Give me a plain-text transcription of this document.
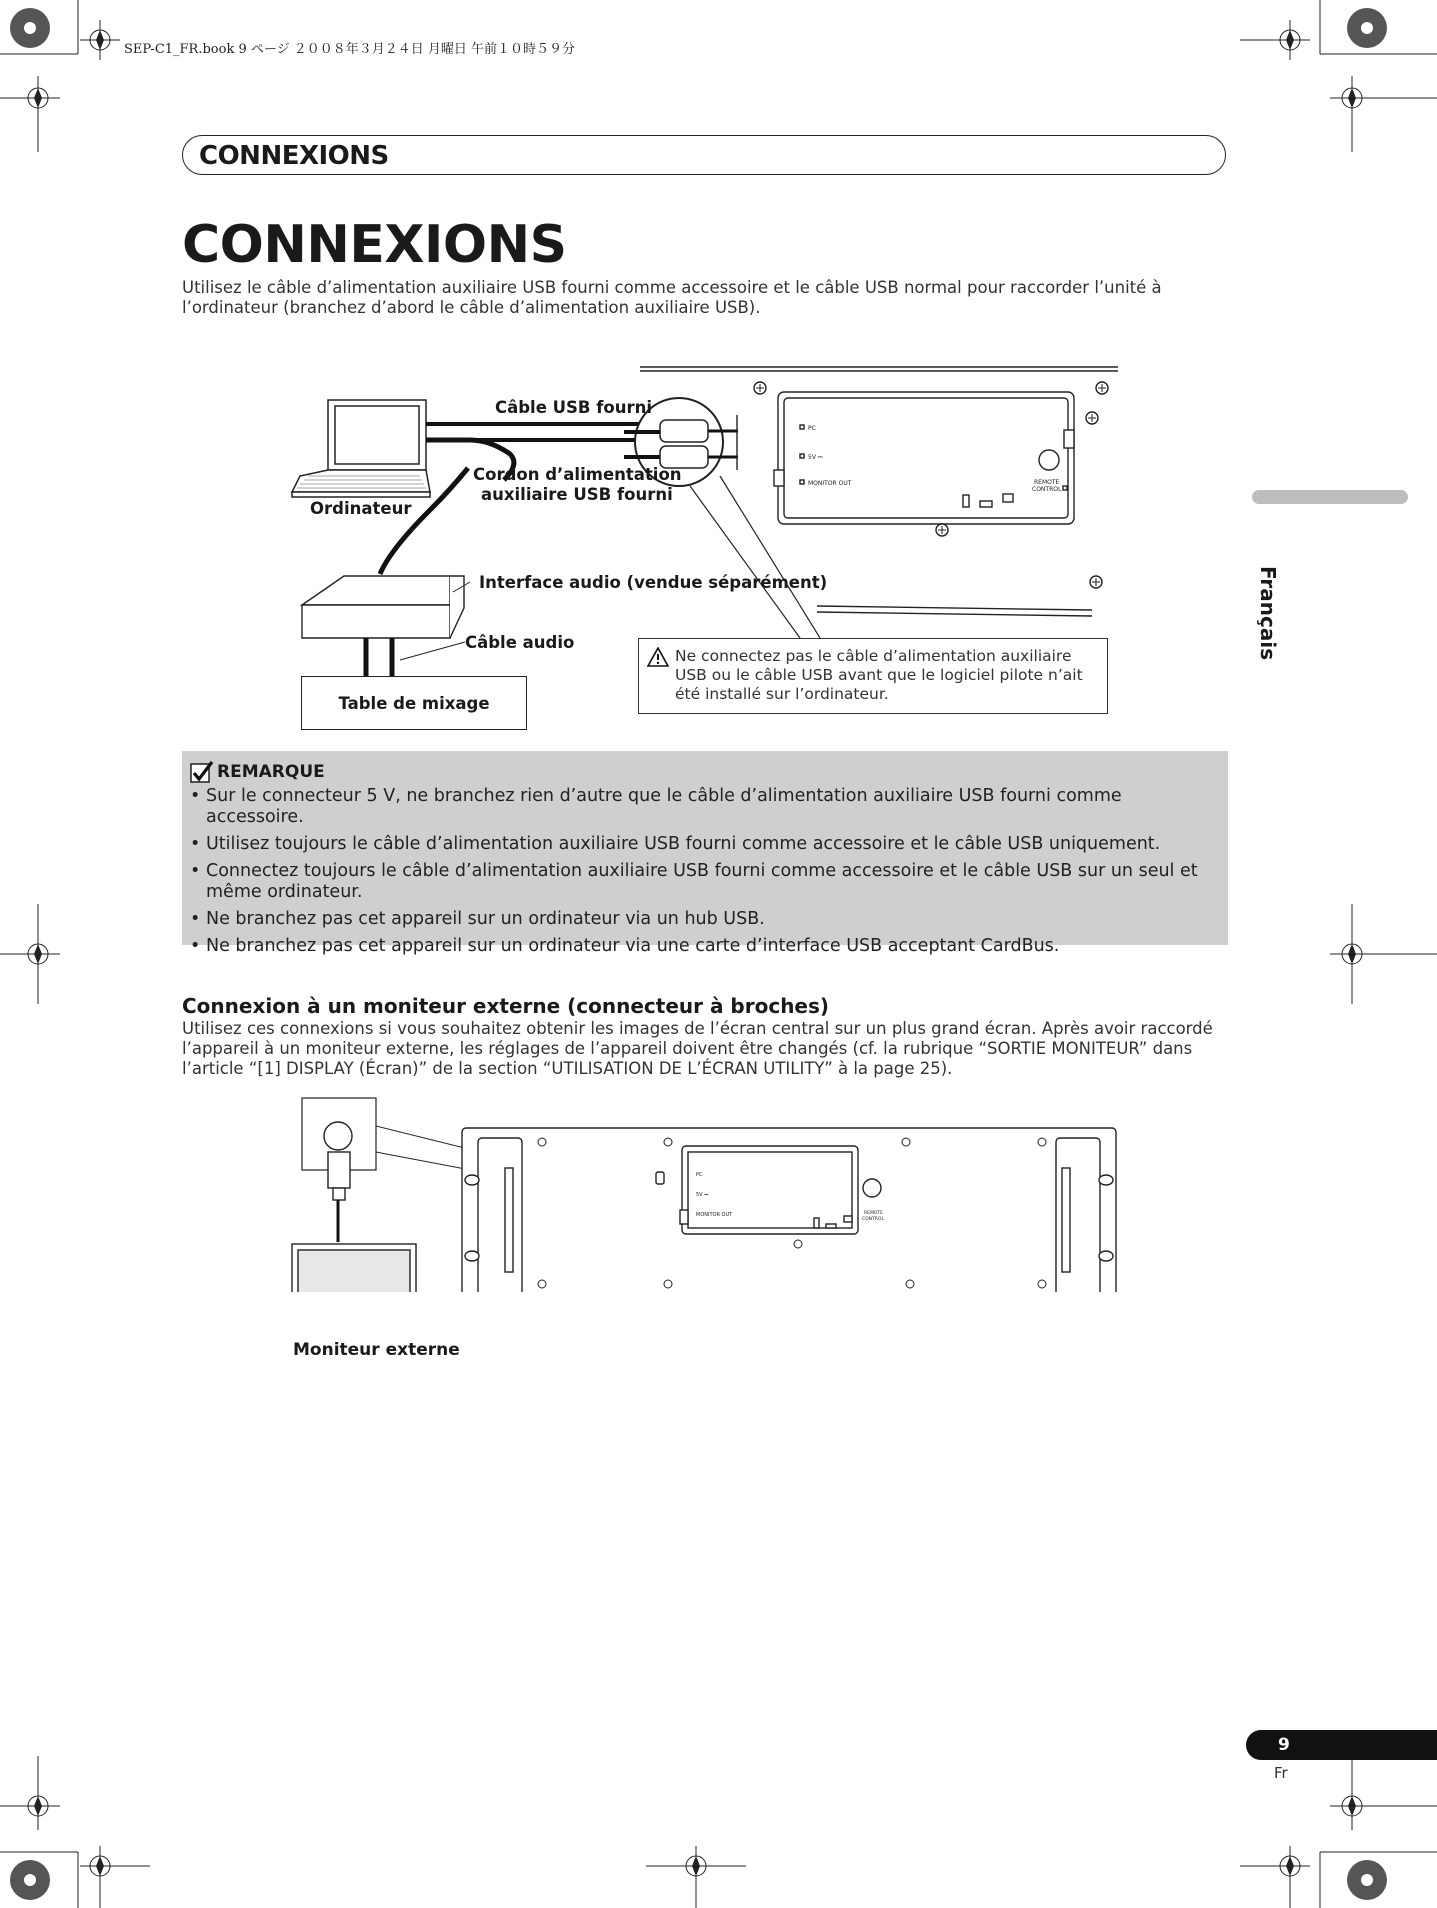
SEP-C1_FR.book 9 ページ ２００８年３月２４日 月曜日 午前１０時５９分
CONNEXIONS
CONNEXIONS
Utilisez le câble d’alimentation auxiliaire USB fourni comme accessoire et le câble USB normal pour raccorder l’unité à l’ordinateur (branchez d’abord le câble d’alimentation auxiliaire USB).
Français
PC
5V ⎓
MONITOR OUT	REMOTE
CONTROL
Câble USB fourni
Cordon d’alimentation
auxiliaire USB fourni
Ordinateur
Interface audio (vendue séparément)
Câble audio
Table de mixage
Ne connectez pas le câble d’alimentation auxiliaire USB ou le câble USB avant que le logiciel pilote n’ait été installé sur l’ordinateur.
REMARQUE
• Sur le connecteur 5 V, ne branchez rien d’autre que le câble d’alimentation auxiliaire USB fourni comme accessoire.
• Utilisez toujours le câble d’alimentation auxiliaire USB fourni comme accessoire et le câble USB uniquement.
• Connectez toujours le câble d’alimentation auxiliaire USB fourni comme accessoire et le câble USB sur un seul et même ordinateur.
• Ne branchez pas cet appareil sur un ordinateur via un hub USB.
• Ne branchez pas cet appareil sur un ordinateur via une carte d’interface USB acceptant CardBus.
Connexion à un moniteur externe (connecteur à broches)
Utilisez ces connexions si vous souhaitez obtenir les images de l’écran central sur un plus grand écran. Après avoir raccordé l’appareil à un moniteur externe, les réglages de l’appareil doivent être changés (cf. la rubrique “SORTIE MONITEUR” dans l’article “[1] DISPLAY (Écran)” de la section “UTILISATION DE L’ÉCRAN UTILITY” à la page 25).
PC
5V ⎓
MONITOR OUT	REMOTE
CONTROL
Moniteur externe
9
Fr
